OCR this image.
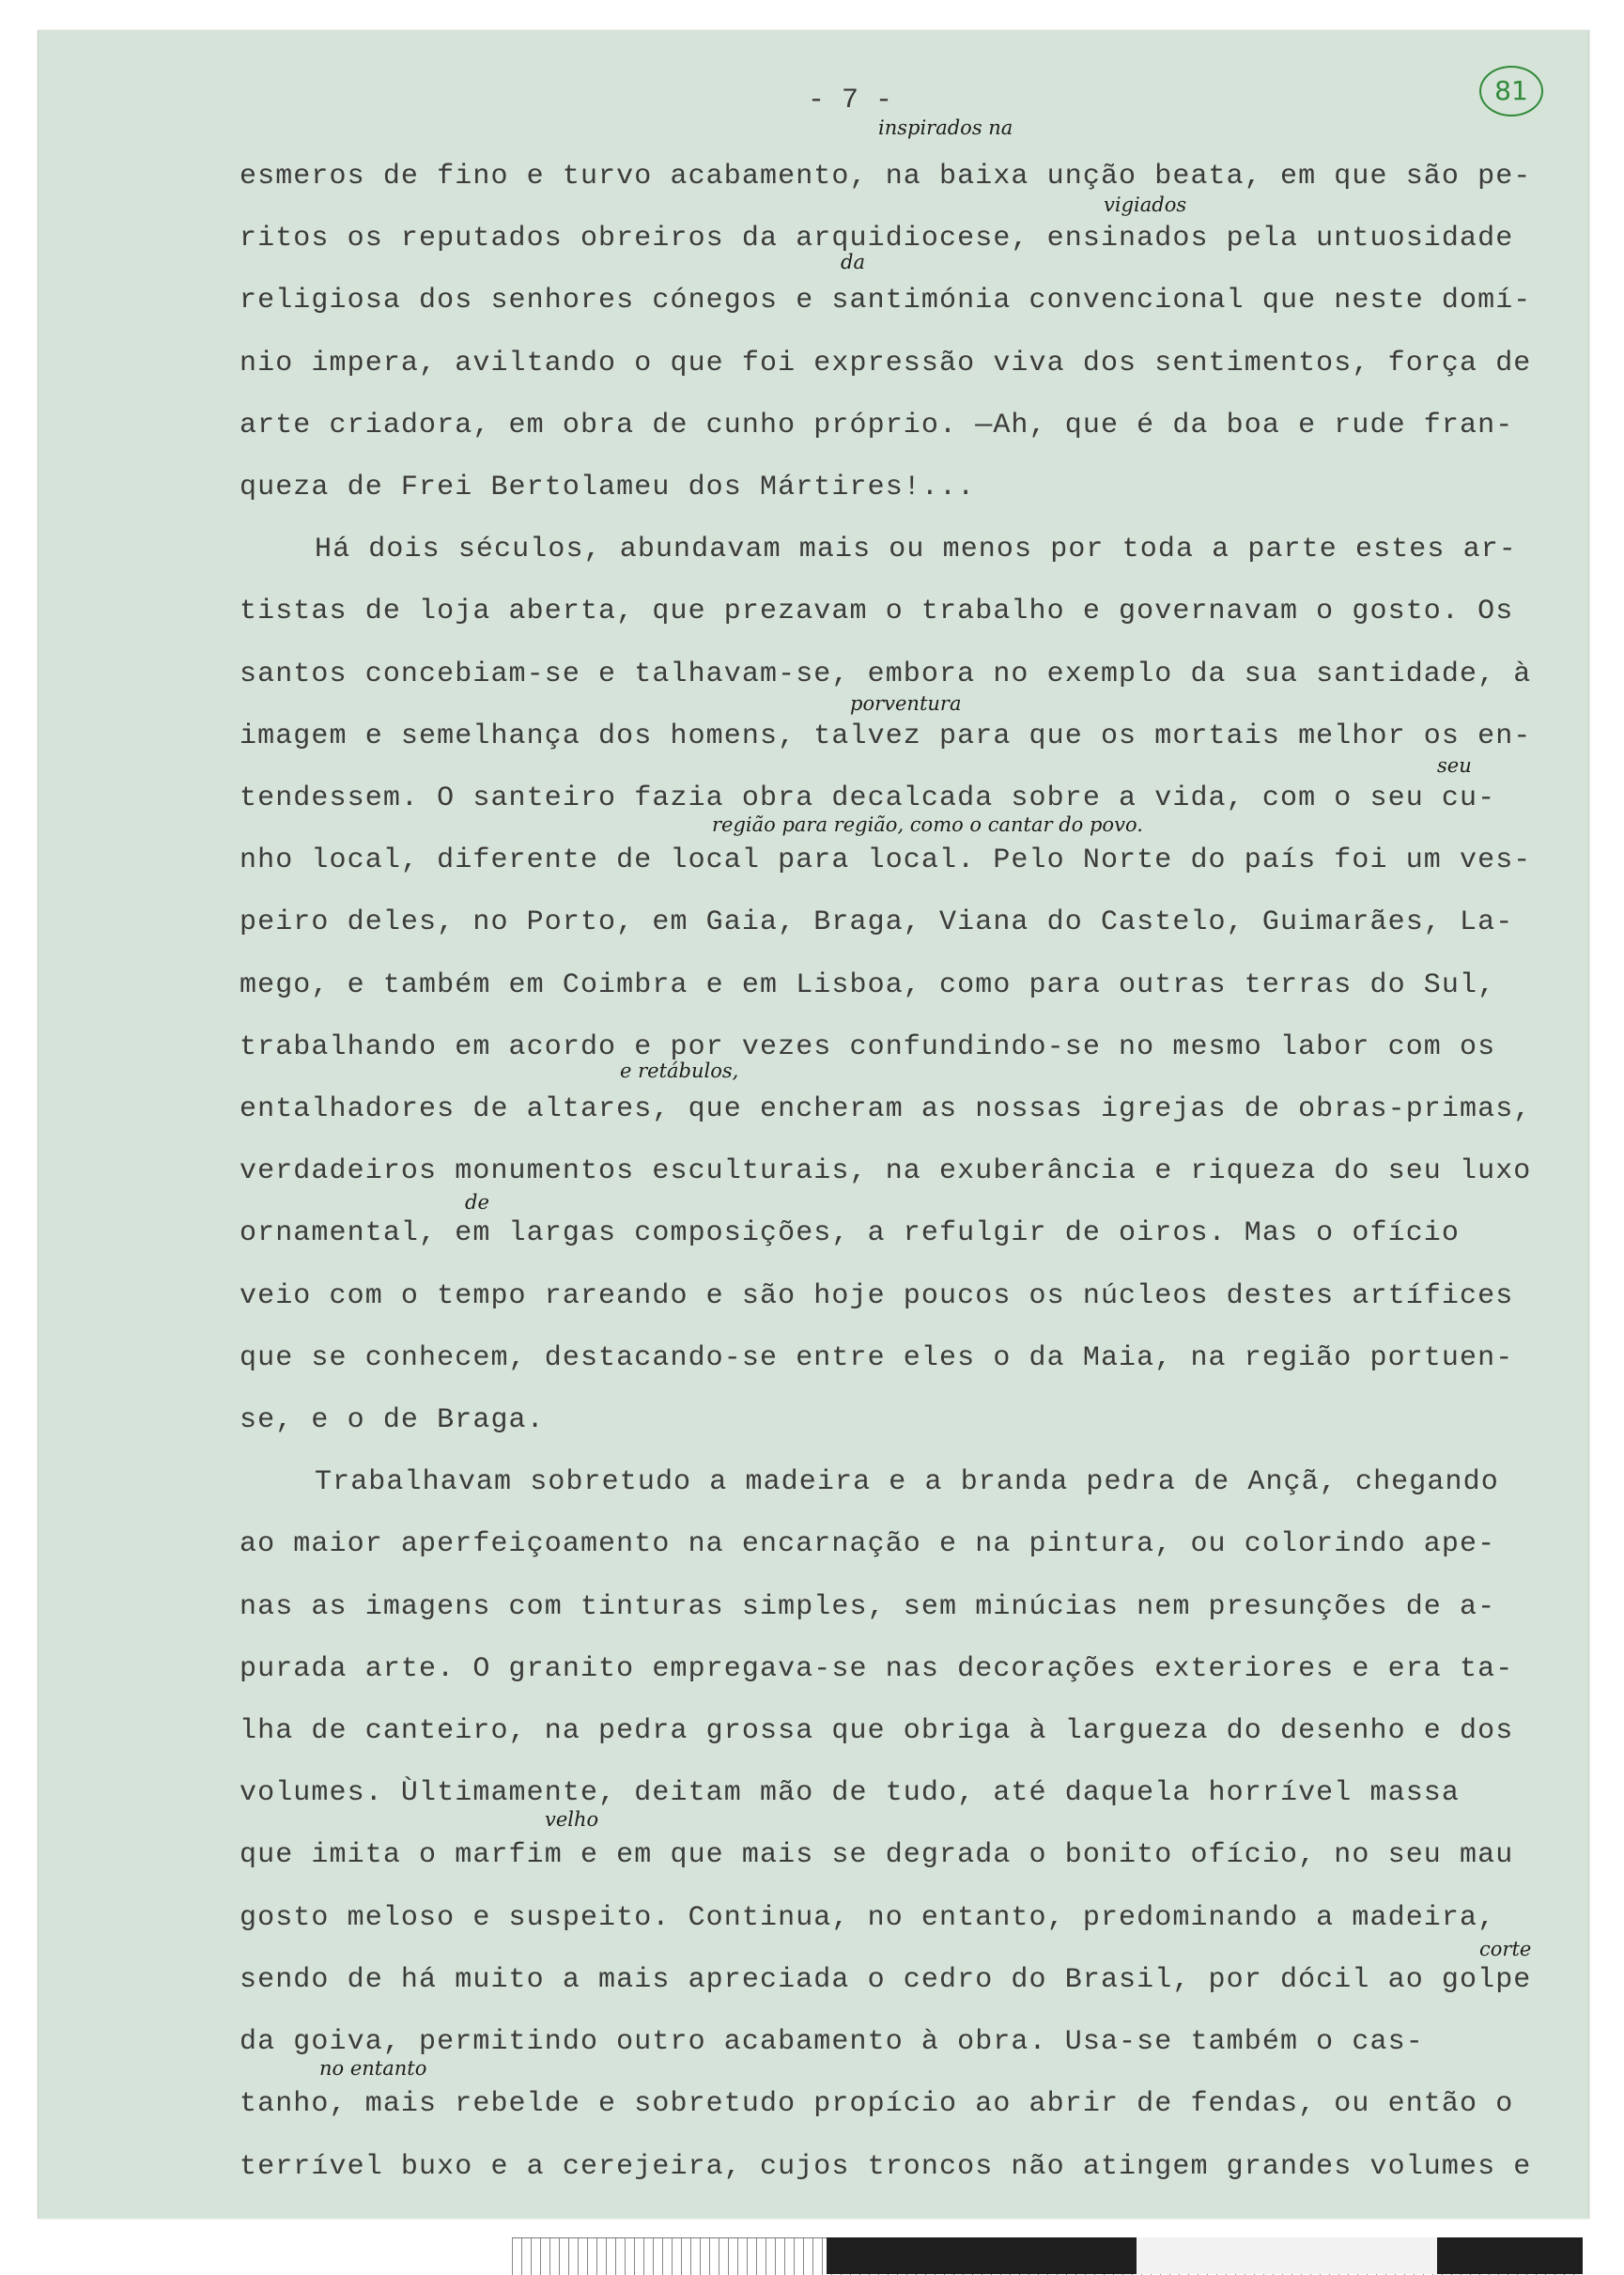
- 7 -	81
esmeros de fino e turvo acabamento, na baixa unção beata, em que são pe-
ritos os reputados obreiros da arquidiocese, ensinados pela untuosidade
religiosa dos senhores cónegos e santimónia convencional que neste domí-
nio impera, aviltando o que foi expressão viva dos sentimentos, força de
arte criadora, em obra de cunho próprio. —Ah, que é da boa e rude fran-
queza de Frei Bertolameu dos Mártires!...
Há dois séculos, abundavam mais ou menos por toda a parte estes ar-
tistas de loja aberta, que prezavam o trabalho e governavam o gosto. Os
santos concebiam-se e talhavam-se, embora no exemplo da sua santidade, à
imagem e semelhança dos homens, talvez para que os mortais melhor os en-
tendessem. O santeiro fazia obra decalcada sobre a vida, com o seu cu-
nho local, diferente de local para local. Pelo Norte do país foi um ves-
peiro deles, no Porto, em Gaia, Braga, Viana do Castelo, Guimarães, La-
mego, e também em Coimbra e em Lisboa, como para outras terras do Sul,
trabalhando em acordo e por vezes confundindo-se no mesmo labor com os
entalhadores de altares, que encheram as nossas igrejas de obras-primas,
verdadeiros monumentos esculturais, na exuberância e riqueza do seu luxo
ornamental, em largas composições, a refulgir de oiros. Mas o ofício
veio com o tempo rareando e são hoje poucos os núcleos destes artífices
que se conhecem, destacando-se entre eles o da Maia, na região portuen-
se, e o de Braga.
Trabalhavam sobretudo a madeira e a branda pedra de Ançã, chegando
ao maior aperfeiçoamento na encarnação e na pintura, ou colorindo ape-
nas as imagens com tinturas simples, sem minúcias nem presunções de a-
purada arte. O granito empregava-se nas decorações exteriores e era ta-
lha de canteiro, na pedra grossa que obriga à largueza do desenho e dos
volumes. Ùltimamente, deitam mão de tudo, até daquela horrível massa
que imita o marfim e em que mais se degrada o bonito ofício, no seu mau
gosto meloso e suspeito. Continua, no entanto, predominando a madeira,
sendo de há muito a mais apreciada o cedro do Brasil, por dócil ao golpe
da goiva, permitindo outro acabamento à obra. Usa-se também o cas-
tanho, mais rebelde e sobretudo propício ao abrir de fendas, ou então o
terrível buxo e a cerejeira, cujos troncos não atingem grandes volumes e
inspirados na
vigiados
da
porventura
seu
região para região, como o cantar do povo.
e retábulos,
de
velho
corte
no entanto
